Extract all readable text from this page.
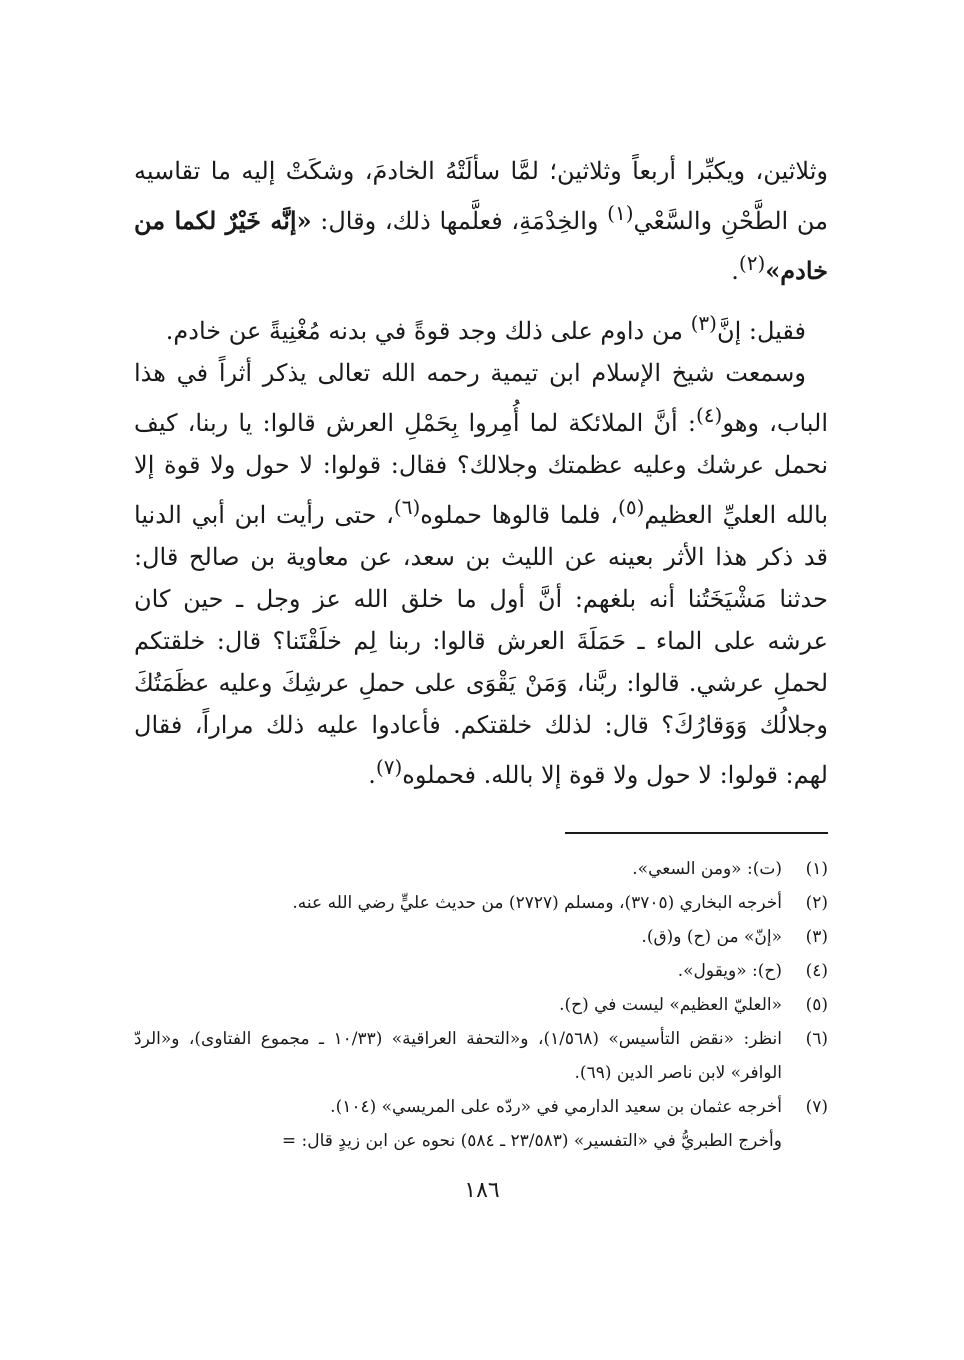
وثلاثين، ويكبِّرا أربعاً وثلاثين؛ لمَّا سألَتْهُ الخادمَ، وشكَتْ إليه ما تقاسيه من الطَّحْنِ والسَّعْي$^{(١)}$ والخِدْمَةِ، فعلَّمها ذلك، وقال: «إنَّه خَيْرٌ لكما من خادم»$^{(٢)}$.

فقيل: إنَّ$^{(٣)}$ من داوم على ذلك وجد قوةً في بدنه مُغْنِيةً عن خادم.

وسمعت شيخ الإسلام ابن تيمية رحمه الله تعالى يذكر أثراً في هذا الباب، وهو$^{(٤)}$: أنَّ الملائكة لما أُمِروا بِحَمْلِ العرش قالوا: يا ربنا، كيف نحمل عرشك وعليه عظمتك وجلالك؟ فقال: قولوا: لا حول ولا قوة إلا بالله العليِّ العظيم$^{(٥)}$، فلما قالوها حملوه$^{(٦)}$، حتى رأيت ابن أبي الدنيا قد ذكر هذا الأثر بعينه عن الليث بن سعد، عن معاوية بن صالح قال: حدثنا مَشْيَخَتُنا أنه بلغهم: أنَّ أول ما خلق الله عز وجل ـ حين كان عرشه على الماء ـ حَمَلَةَ العرش قالوا: ربنا لِم خلَقْتَنا؟ قال: خلقتكم لحملِ عرشي. قالوا: ربَّنا، وَمَنْ يَقْوَى على حملِ عرشِكَ وعليه عظَمَتُكَ وجلالُك وَوَقارُكَ؟ قال: لذلك خلقتكم. فأعادوا عليه ذلك مراراً، فقال لهم: قولوا: لا حول ولا قوة إلا بالله. فحملوه$^{(٧)}$.

(١)
(ت): «ومن السعي».
(٢)
أخرجه البخاري (٣٧٠٥)، ومسلم (٢٧٢٧) من حديث عليٍّ رضي الله عنه.
(٣)
«إنّ» من (ح) و(ق).
(٤)
(ح): «ويقول».
(٥)
«العليّ العظيم» ليست في (ح).
(٦)
انظر: «نقض التأسيس» (١/٥٦٨)، و«التحفة العراقية» (١٠/٣٣ ـ مجموع الفتاوى)، و«الردّ الوافر» لابن ناصر الدين (٦٩).
(٧)
أخرجه عثمان بن سعيد الدارمي في «ردّه على المريسي» (١٠٤).
وأخرج الطبريُّ في «التفسير» (٢٣/٥٨٣ ـ ٥٨٤) نحوه عن ابن زيدٍ قال: =
١٨٦
